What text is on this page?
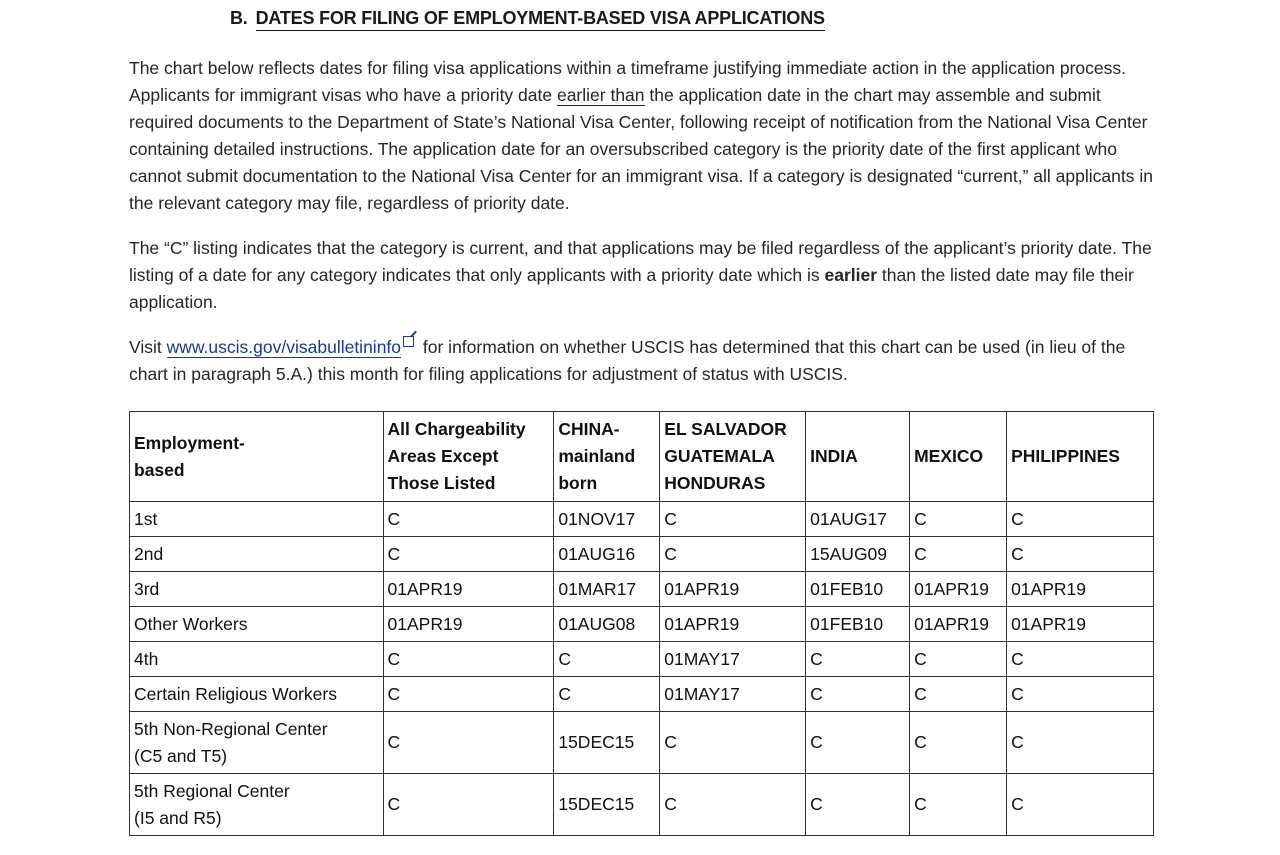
B. DATES FOR FILING OF EMPLOYMENT-BASED VISA APPLICATIONS

The chart below reflects dates for filing visa applications within a timeframe justifying immediate action in the application process. Applicants for immigrant visas who have a priority date earlier than the application date in the chart may assemble and submit required documents to the Department of State’s National Visa Center, following receipt of notification from the National Visa Center containing detailed instructions. The application date for an oversubscribed category is the priority date of the first applicant who cannot submit documentation to the National Visa Center for an immigrant visa. If a category is designated “current,” all applicants in the relevant category may file, regardless of priority date.

The “C” listing indicates that the category is current, and that applications may be filed regardless of the applicant’s priority date. The listing of a date for any category indicates that only applicants with a priority date which is earlier than the listed date may file their application.

Visit www.uscis.gov/visabulletininfo for information on whether USCIS has determined that this chart can be used (in lieu of the chart in paragraph 5.A.) this month for filing applications for adjustment of status with USCIS.

Employment-
based	All Chargeability
Areas Except
Those Listed	CHINA-
mainland
born	EL SALVADOR
GUATEMALA
HONDURAS	INDIA	MEXICO	PHILIPPINES
1st	C	01NOV17	C	01AUG17	C	C
2nd	C	01AUG16	C	15AUG09	C	C
3rd	01APR19	01MAR17	01APR19	01FEB10	01APR19	01APR19
Other Workers	01APR19	01AUG08	01APR19	01FEB10	01APR19	01APR19
4th	C	C	01MAY17	C	C	C
Certain Religious Workers	C	C	01MAY17	C	C	C
5th Non-Regional Center
(C5 and T5)	C	15DEC15	C	C	C	C
5th Regional Center
(I5 and R5)	C	15DEC15	C	C	C	C
